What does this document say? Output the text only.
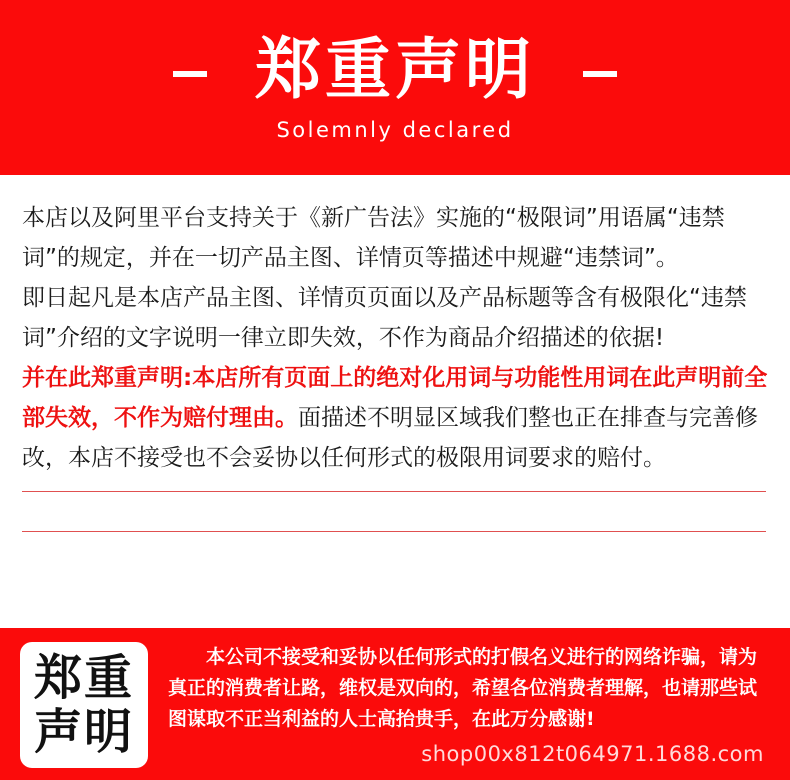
郑重声明
Solemnly declared

本店以及阿里平台支持关于《新广告法》实施的“极限词”用语属“违禁词”的规定，并在一切产品主图、详情页等描述中规避“违禁词”。

即日起凡是本店产品主图、详情页页面以及产品标题等含有极限化“违禁词”介绍的文字说明一律立即失效，不作为商品介绍描述的依据!

并在此郑重声明:本店所有页面上的绝对化用词与功能性用词在此声明前全部失效，不作为赔付理由。面描述不明显区域我们整也正在排查与完善修改，本店不接受也不会妥协以任何形式的极限用词要求的赔付。

郑重
声明
本公司不接受和妥协以任何形式的打假名义进行的网络诈骗，请为真正的消费者让路，维权是双向的，希望各位消费者理解，也请那些试图谋取不正当利益的人士高抬贵手，在此万分感谢!
shop00x812t064971.1688.com
